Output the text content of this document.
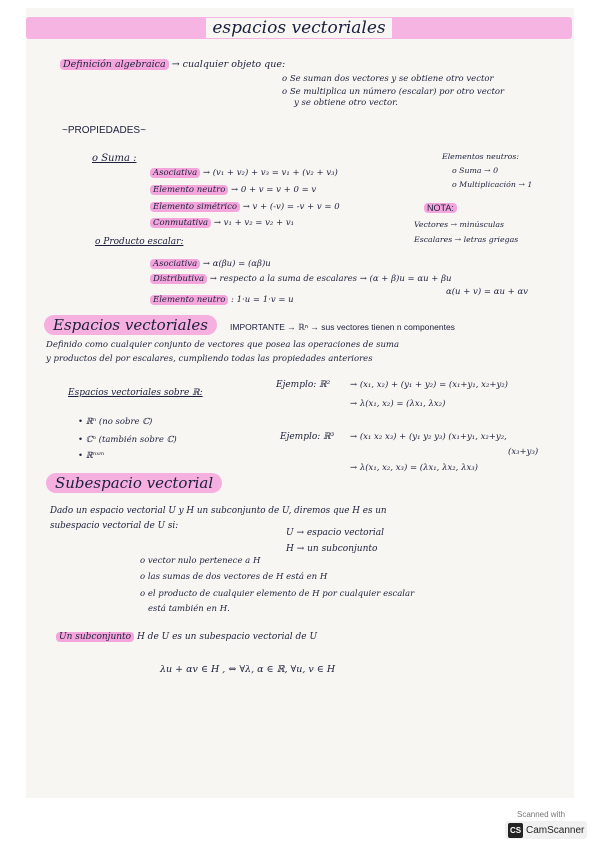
espacios vectoriales
Definición algebraica → cualquier objeto que:
o Se suman dos vectores y se obtiene otro vector
o Se multiplica un número (escalar) por otro vector
y se obtiene otro vector.
~PROPIEDADES~
o Suma :
Asociativa → (v₁ + v₂) + v₃ = v₁ + (v₂ + v₃)
Elemento neutro → 0 + v = v + 0 = v
Elemento simétrico → v + (-v) = -v + v = 0
Conmutativa → v₁ + v₂ = v₂ + v₁
Elementos neutros:
o Suma → 0
o Multiplicación → 1
NOTA:
Vectores → minúsculas
Escalares → letras griegas
o Producto escalar:
Asociativa → α(βu) = (αβ)u
Distributiva → respecto a la suma de escalares → (α + β)u = αu + βu
α(u + v) = αu + αv
Elemento neutro : 1·u = 1·v = u
Espacios vectoriales	IMPORTANTE → ℝⁿ → sus vectores tienen n componentes
Definido como cualquier conjunto de vectores que posea las operaciones de suma
y productos del por escalares, cumpliendo todas las propiedades anteriores
Espacios vectoriales sobre ℝ:
• ℝⁿ (no sobre ℂ)
• ℂⁿ (también sobre ℂ)
• ℝⁿˣᵐ
Ejemplo: ℝ² → (x₁, x₂) + (y₁ + y₂) = (x₁+y₁, x₂+y₂)
→ λ(x₁, x₂) = (λx₁, λx₂)
Ejemplo: ℝ³ → (x₁ x₂ x₃) + (y₁ y₂ y₃) (x₁+y₁, x₂+y₂,
(x₃+y₃)
→ λ(x₁, x₂, x₃) = (λx₁, λx₂, λx₃)
Subespacio vectorial
Dado un espacio vectorial U y H un subconjunto de U, diremos que H es un
subespacio vectorial de U si:
U → espacio vectorial
H → un subconjunto
o vector nulo pertenece a H
o las sumas de dos vectores de H está en H
o el producto de cualquier elemento de H por cualquier escalar
está también en H.
Un subconjunto H de U es un subespacio vectorial de U
λu + αv ∈ H , ⇔ ∀λ, α ∈ ℝ, ∀u, v ∈ H
Scanned with
CS CamScanner
